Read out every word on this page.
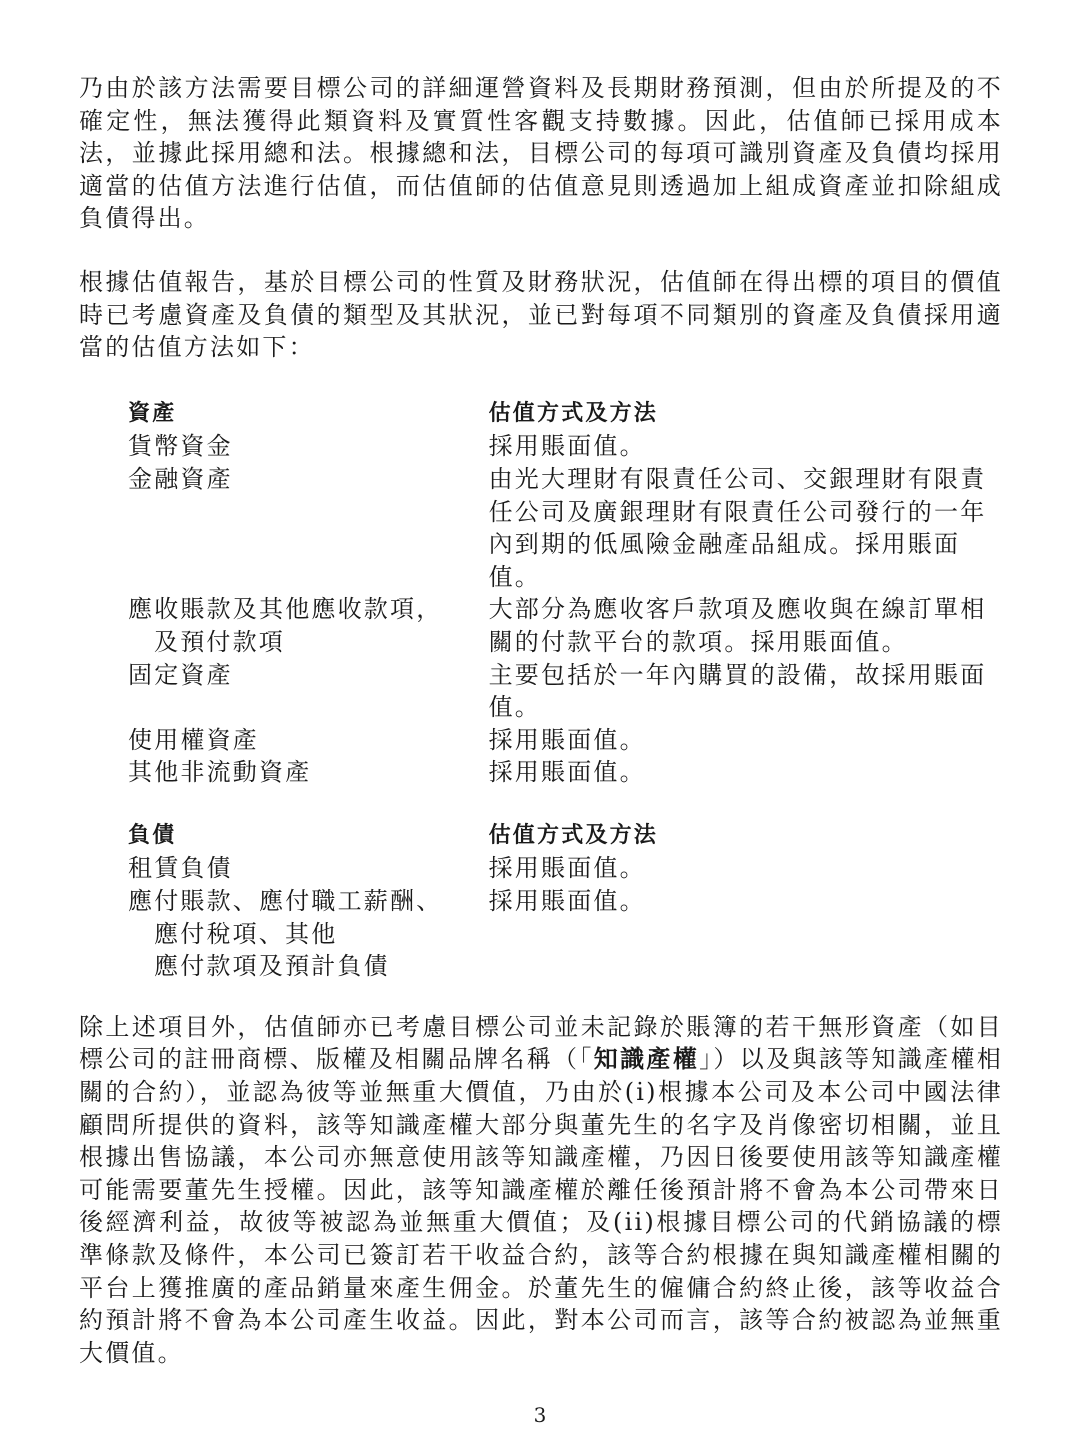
乃由於該方法需要目標公司的詳細運營資料及長期財務預測，但由於所提及的不確定性，無法獲得此類資料及實質性客觀支持數據。因此，估值師已採用成本法，並據此採用總和法。根據總和法，目標公司的每項可識別資產及負債均採用適當的估值方法進行估值，而估值師的估值意見則透過加上組成資產並扣除組成負債得出。

根據估值報告，基於目標公司的性質及財務狀況，估值師在得出標的項目的價值時已考慮資產及負債的類型及其狀況，並已對每項不同類別的資產及負債採用適當的估值方法如下：

資產	估值方式及方法
貨幣資金	採用賬面值。
金融資產	由光大理財有限責任公司、交銀理財有限責任公司及廣銀理財有限責任公司發行的一年內到期的低風險金融產品組成。採用賬面值。
應收賬款及其他應收款項，
及預付款項	大部分為應收客戶款項及應收與在線訂單相關的付款平台的款項。採用賬面值。
固定資產	主要包括於一年內購買的設備，故採用賬面值。
使用權資產	採用賬面值。
其他非流動資產	採用賬面值。

負債	估值方式及方法
租賃負債	採用賬面值。
應付賬款、應付職工薪酬、
應付稅項、其他
應付款項及預計負債	採用賬面值。

除上述項目外，估值師亦已考慮目標公司並未記錄於賬簿的若干無形資產（如目標公司的註冊商標、版權及相關品牌名稱（「知識產權」）以及與該等知識產權相關的合約），並認為彼等並無重大價值，乃由於(i)根據本公司及本公司中國法律顧問所提供的資料，該等知識產權大部分與董先生的名字及肖像密切相關，並且根據出售協議，本公司亦無意使用該等知識產權，乃因日後要使用該等知識產權可能需要董先生授權。因此，該等知識產權於離任後預計將不會為本公司帶來日後經濟利益，故彼等被認為並無重大價值；及(ii)根據目標公司的代銷協議的標準條款及條件，本公司已簽訂若干收益合約，該等合約根據在與知識產權相關的平台上獲推廣的產品銷量來產生佣金。於董先生的僱傭合約終止後，該等收益合約預計將不會為本公司產生收益。因此，對本公司而言，該等合約被認為並無重大價值。

3
